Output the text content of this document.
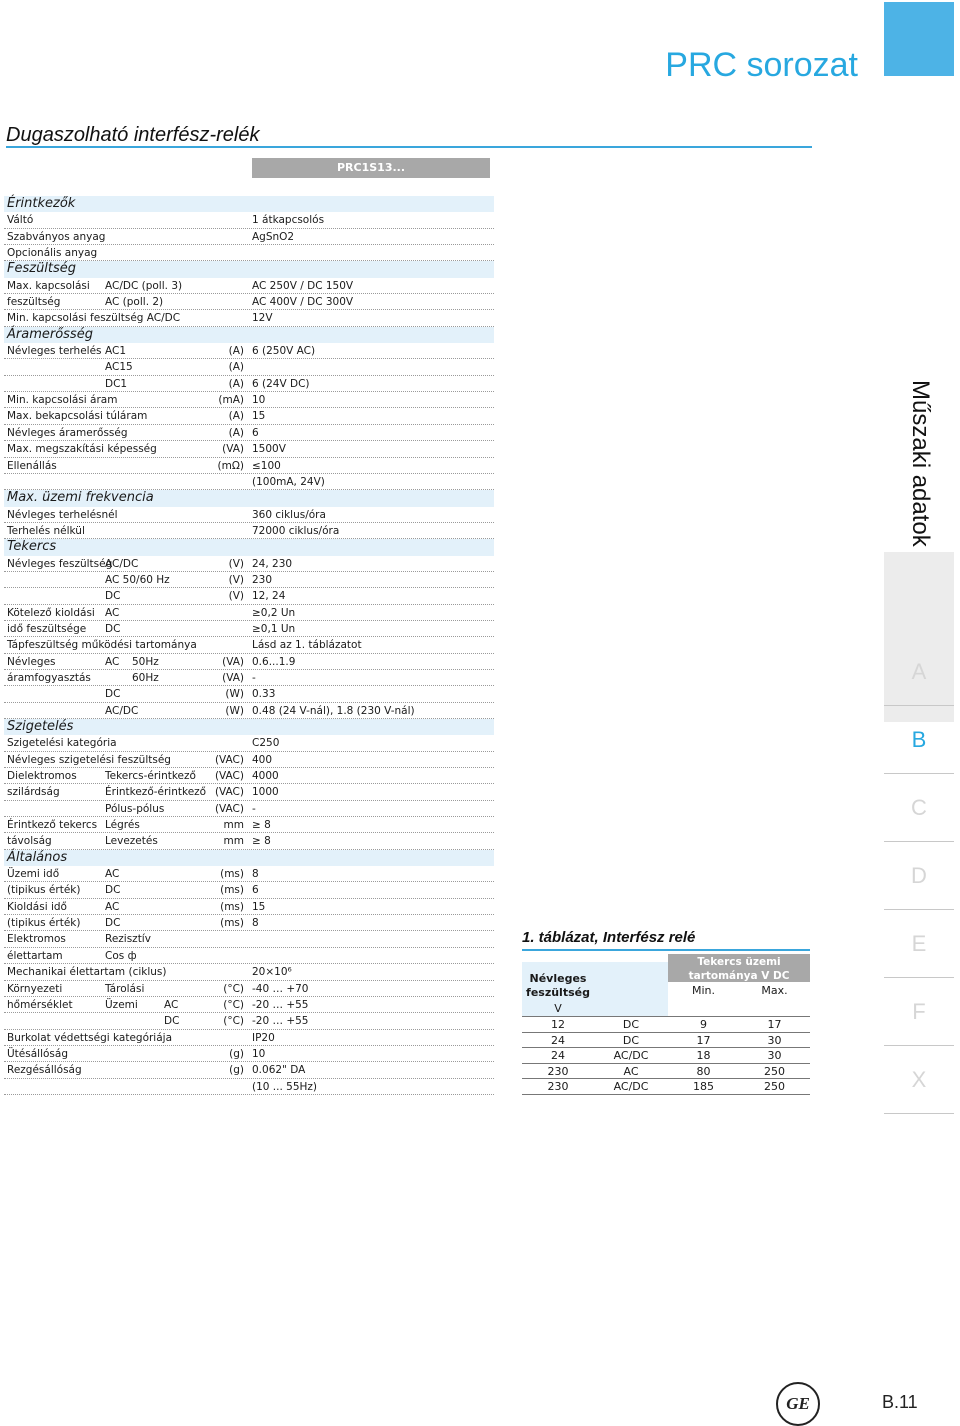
PRC sorozat
Dugaszolható interfész-relék
PRC1S13...
Érintkezők
Váltó	1 átkapcsolós
Szabványos anyag	AgSnO2
Opcionális anyag
Feszültség
Max. kapcsolási AC/DC (poll. 3)	AC 250V / DC 150V
feszültség	AC (poll. 2)	AC 400V / DC 300V
Min. kapcsolási feszültség AC/DC	12V
Áramerősség
Névleges terhelés AC1	(A) 6 (250V AC)
AC15	(A)
DC1	(A) 6 (24V DC)
Min. kapcsolási áram	(mA) 10
Max. bekapcsolási túláram	(A) 15
Névleges áramerősség	(A) 6
Max. megszakítási képesség	(VA) 1500V
Ellenállás	(mΩ) ≤100
(100mA, 24V)
Max. üzemi frekvencia
Névleges terhelésnél	360 ciklus/óra
Terhelés nélkül	72000 ciklus/óra
Tekercs
Névleges feszültség
AC/DC	(V) 24, 230
AC 50/60 Hz	(V) 230
DC	(V) 12, 24
Kötelező kioldási AC	≥0,2 Un
idő feszültsége DC	≥0,1 Un
Tápfeszültség működési tartománya	Lásd az 1. táblázatot
Névleges	AC 50Hz	(VA) 0.6...1.9
áramfogyasztás	60Hz	(VA) -
DC	(W) 0.33
AC/DC	(W) 0.48 (24 V-nál), 1.8 (230 V-nál)
Szigetelés
Szigetelési kategória	C250
Névleges szigetelési feszültség	(VAC) 400
Dielektromos	Tekercs-érintkező	(VAC) 4000
szilárdság	Érintkező-érintkező (VAC) 1000
Pólus-pólus	(VAC) -
Érintkező tekercs Légrés	mm ≥ 8
távolság	Levezetés	mm ≥ 8
Általános
Üzemi idő	AC	(ms) 8
(tipikus érték) DC	(ms) 6
Kioldási idő	AC	(ms) 15
(tipikus érték) DC	(ms) 8
Elektromos	Rezisztív
élettartam	Cos ф
Mechanikai élettartam (ciklus)	20×10⁶
Környezeti	Tárolási	(°C) -40 … +70
hőmérséklet	Üzemi AC	(°C) -20 … +55
DC	(°C) -20 … +55
Burkolat védettségi kategóriája	IP20
Ütésállóság	(g) 10
Rezgésállóság	(g) 0.062" DA
(10 ... 55Hz)
Műszaki adatok
A
B
C
D
E
F
X
1. táblázat, Interfész relé
Tekercs üzemi tartománya V DC
Névleges feszültség	Min.	Max.
V
12	DC	9	17
24	DC	17	30
24	AC/DC	18	30
230	AC	80	250
230	AC/DC	185	250
GE	B.11
